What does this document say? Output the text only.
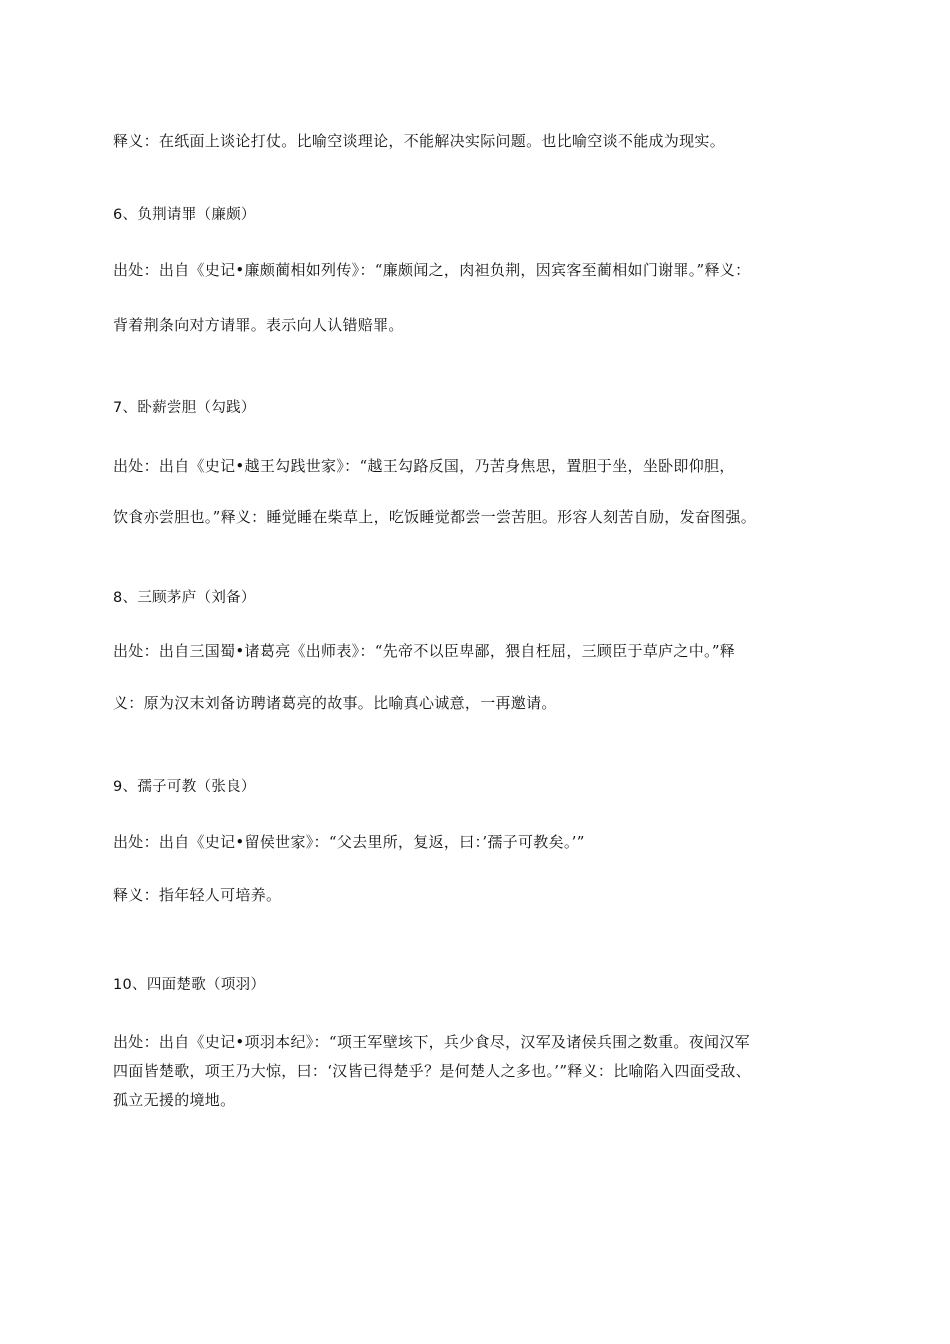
释义：在纸面上谈论打仗。比喻空谈理论，不能解决实际问题。也比喻空谈不能成为现实。
6、负荆请罪（廉颇）
出处：出自《史记•廉颇蔺相如列传》：“廉颇闻之，肉袒负荆，因宾客至蔺相如门谢罪。”释义：
背着荆条向对方请罪。表示向人认错赔罪。
7、卧薪尝胆（勾践）
出处：出自《史记•越王勾践世家》：“越王勾路反国，乃苦身焦思，置胆于坐，坐卧即仰胆，
饮食亦尝胆也。”释义：睡觉睡在柴草上，吃饭睡觉都尝一尝苦胆。形容人刻苦自励，发奋图强。
8、三顾茅庐（刘备）
出处：出自三国蜀•诸葛亮《出师表》：“先帝不以臣卑鄙，猥自枉屈，三顾臣于草庐之中。”释
义：原为汉末刘备访聘诸葛亮的故事。比喻真心诚意，一再邀请。
9、孺子可教（张良）
出处：出自《史记•留侯世家》：“父去里所，复返，曰：’孺子可教矣。’”
释义：指年轻人可培养。
10、四面楚歌（项羽）
出处：出自《史记•项羽本纪》：“项王军壁垓下，兵少食尽，汉军及诸侯兵围之数重。夜闻汉军
四面皆楚歌，项王乃大惊，曰：‘汉皆已得楚乎？是何楚人之多也。’”释义：比喻陷入四面受敌、
孤立无援的境地。
